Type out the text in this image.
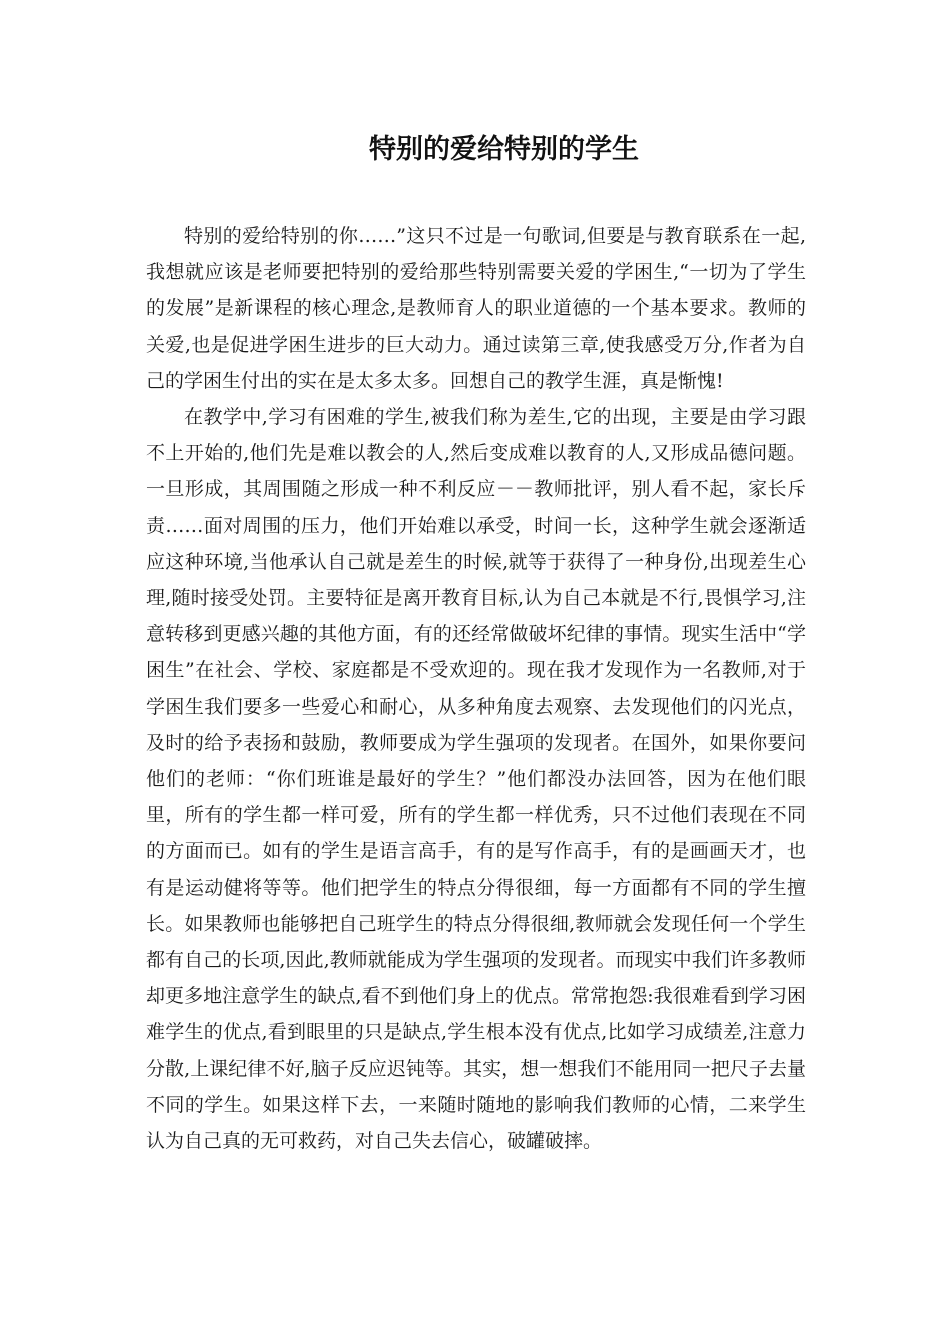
特别的爱给特别的学生

特别的爱给特别的你……”这只不过是一句歌词,但要是与教育联系在一起,我想就应该是老师要把特别的爱给那些特别需要关爱的学困生,“一切为了学生的发展”是新课程的核心理念,是教师育人的职业道德的一个基本要求。教师的关爱,也是促进学困生进步的巨大动力。通过读第三章,使我感受万分,作者为自己的学困生付出的实在是太多太多。回想自己的教学生涯，真是惭愧!

在教学中,学习有困难的学生,被我们称为差生,它的出现，主要是由学习跟不上开始的,他们先是难以教会的人,然后变成难以教育的人,又形成品德问题。一旦形成，其周围随之形成一种不利反应－－教师批评，别人看不起，家长斥责……面对周围的压力，他们开始难以承受，时间一长，这种学生就会逐渐适应这种环境,当他承认自己就是差生的时候,就等于获得了一种身份,出现差生心理,随时接受处罚。主要特征是离开教育目标,认为自己本就是不行,畏惧学习,注意转移到更感兴趣的其他方面，有的还经常做破坏纪律的事情。现实生活中“学困生”在社会、学校、家庭都是不受欢迎的。现在我才发现作为一名教师,对于学困生我们要多一些爱心和耐心，从多种角度去观察、去发现他们的闪光点，及时的给予表扬和鼓励，教师要成为学生强项的发现者。在国外，如果你要问他们的老师：“你们班谁是最好的学生？”他们都没办法回答，因为在他们眼里，所有的学生都一样可爱，所有的学生都一样优秀，只不过他们表现在不同的方面而已。如有的学生是语言高手，有的是写作高手，有的是画画天才，也有是运动健将等等。他们把学生的特点分得很细，每一方面都有不同的学生擅长。如果教师也能够把自己班学生的特点分得很细,教师就会发现任何一个学生都有自己的长项,因此,教师就能成为学生强项的发现者。而现实中我们许多教师却更多地注意学生的缺点,看不到他们身上的优点。常常抱怨:我很难看到学习困难学生的优点,看到眼里的只是缺点,学生根本没有优点,比如学习成绩差,注意力分散,上课纪律不好,脑子反应迟钝等。其实，想一想我们不能用同一把尺子去量不同的学生。如果这样下去，一来随时随地的影响我们教师的心情，二来学生认为自己真的无可救药，对自己失去信心，破罐破摔。
